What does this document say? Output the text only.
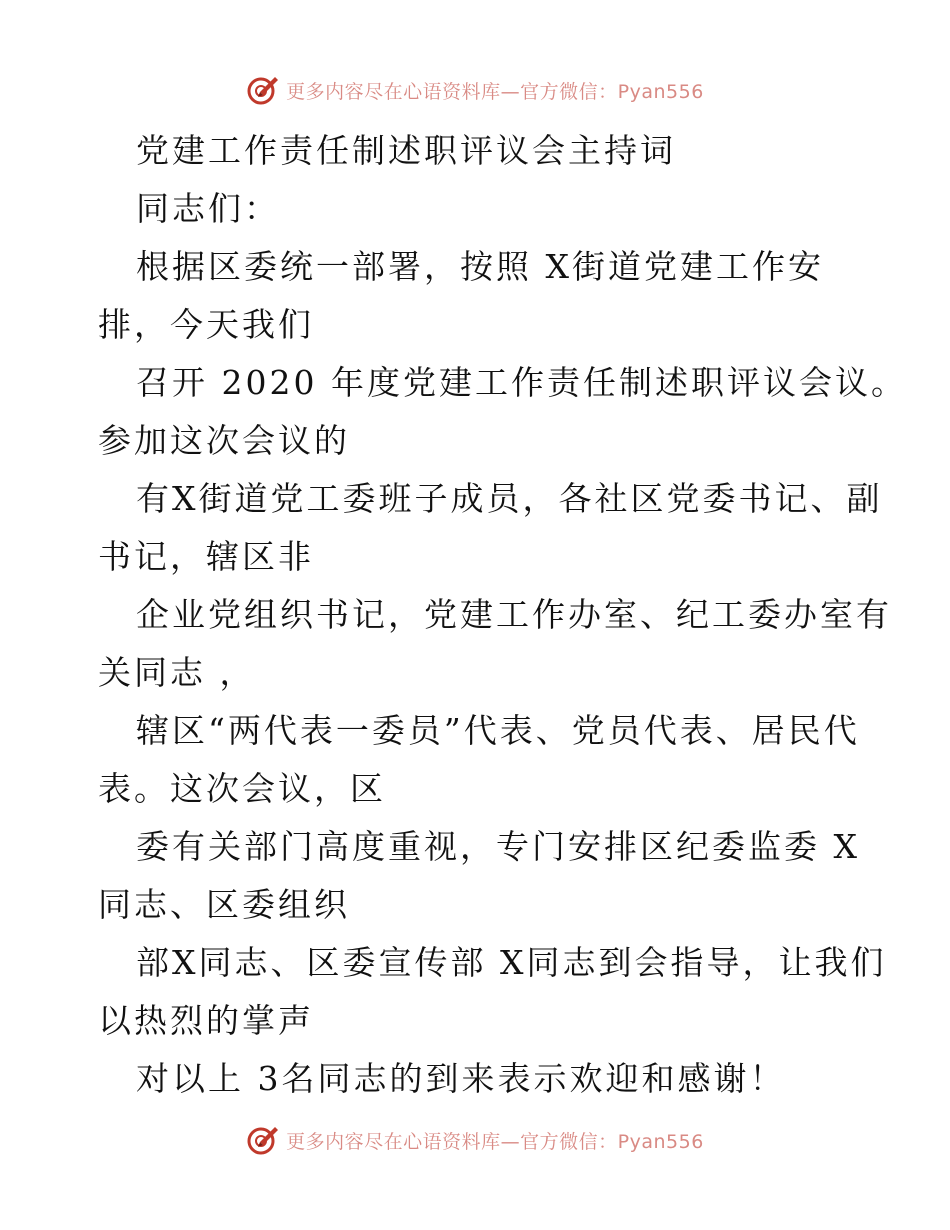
更多内容尽在心语资料库—官方微信：Pyan556
党建工作责任制述职评议会主持词
同志们：
根据区委统一部署，按照 X街道党建工作安
排，今天我们
召开 2020 年度党建工作责任制述职评议会议。
参加这次会议的
有X街道党工委班子成员，各社区党委书记、副
书记，辖区非
企业党组织书记，党建工作办室、纪工委办室有
关同志 ，
辖区“两代表一委员”代表、党员代表、居民代
表。这次会议，区
委有关部门高度重视，专门安排区纪委监委 X
同志、区委组织
部X同志、区委宣传部 X同志到会指导，让我们
以热烈的掌声
对以上 3名同志的到来表示欢迎和感谢！
更多内容尽在心语资料库—官方微信：Pyan556
